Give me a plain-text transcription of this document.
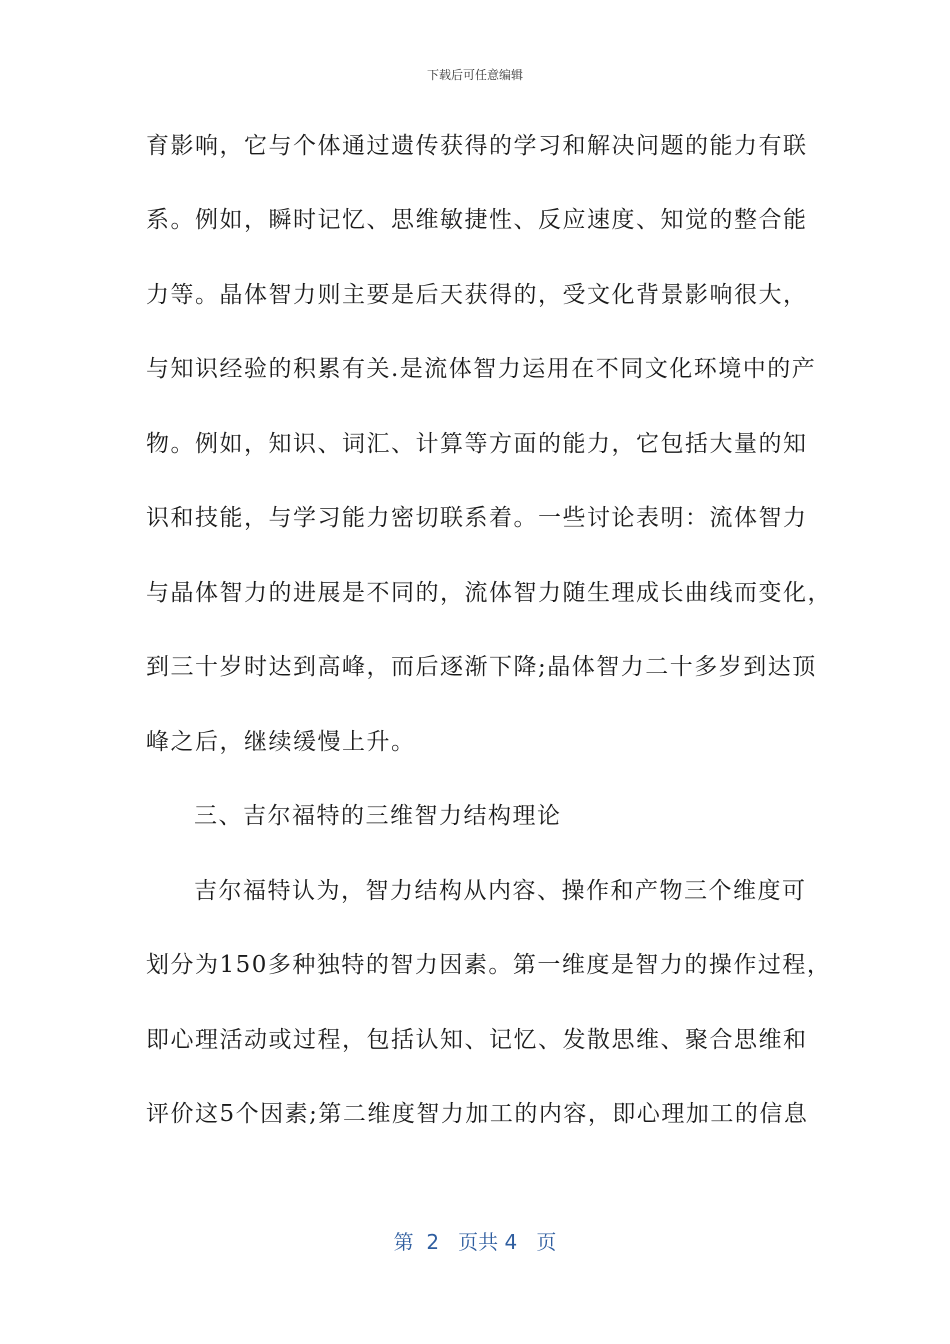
下载后可任意编辑
育影响，它与个体通过遗传获得的学习和解决问题的能力有联
系。例如，瞬时记忆、思维敏捷性、反应速度、知觉的整合能
力等。晶体智力则主要是后天获得的，受文化背景影响很大，
与知识经验的积累有关.是流体智力运用在不同文化环境中的产
物。例如，知识、词汇、计算等方面的能力，它包括大量的知
识和技能，与学习能力密切联系着。一些讨论表明：流体智力
与晶体智力的进展是不同的，流体智力随生理成长曲线而变化，
到三十岁时达到高峰，而后逐渐下降;晶体智力二十多岁到达顶
峰之后，继续缓慢上升。
三、吉尔福特的三维智力结构理论
吉尔福特认为，智力结构从内容、操作和产物三个维度可
划分为150多种独特的智力因素。第一维度是智力的操作过程，
即心理活动或过程，包括认知、记忆、发散思维、聚合思维和
评价这5个因素;第二维度智力加工的内容，即心理加工的信息
第  2   页共 4   页
